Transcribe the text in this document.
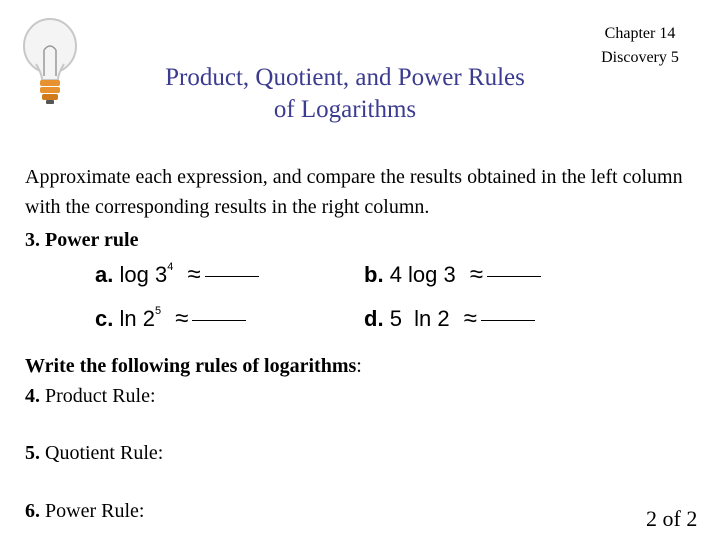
Product, Quotient, and Power Rules
of Logarithms
Chapter 14
Discovery 5
Approximate each expression, and compare the results obtained in the left column with the corresponding results in the right column.
3. Power rule
a. $\log 3^4$ ≈	b. 4 log 3 ≈
c. $\ln 2^5$ ≈	d. 5  ln 2 ≈
Write the following rules of logarithms:
4. Product Rule:
5. Quotient Rule:
6. Power Rule:	2 of 2
